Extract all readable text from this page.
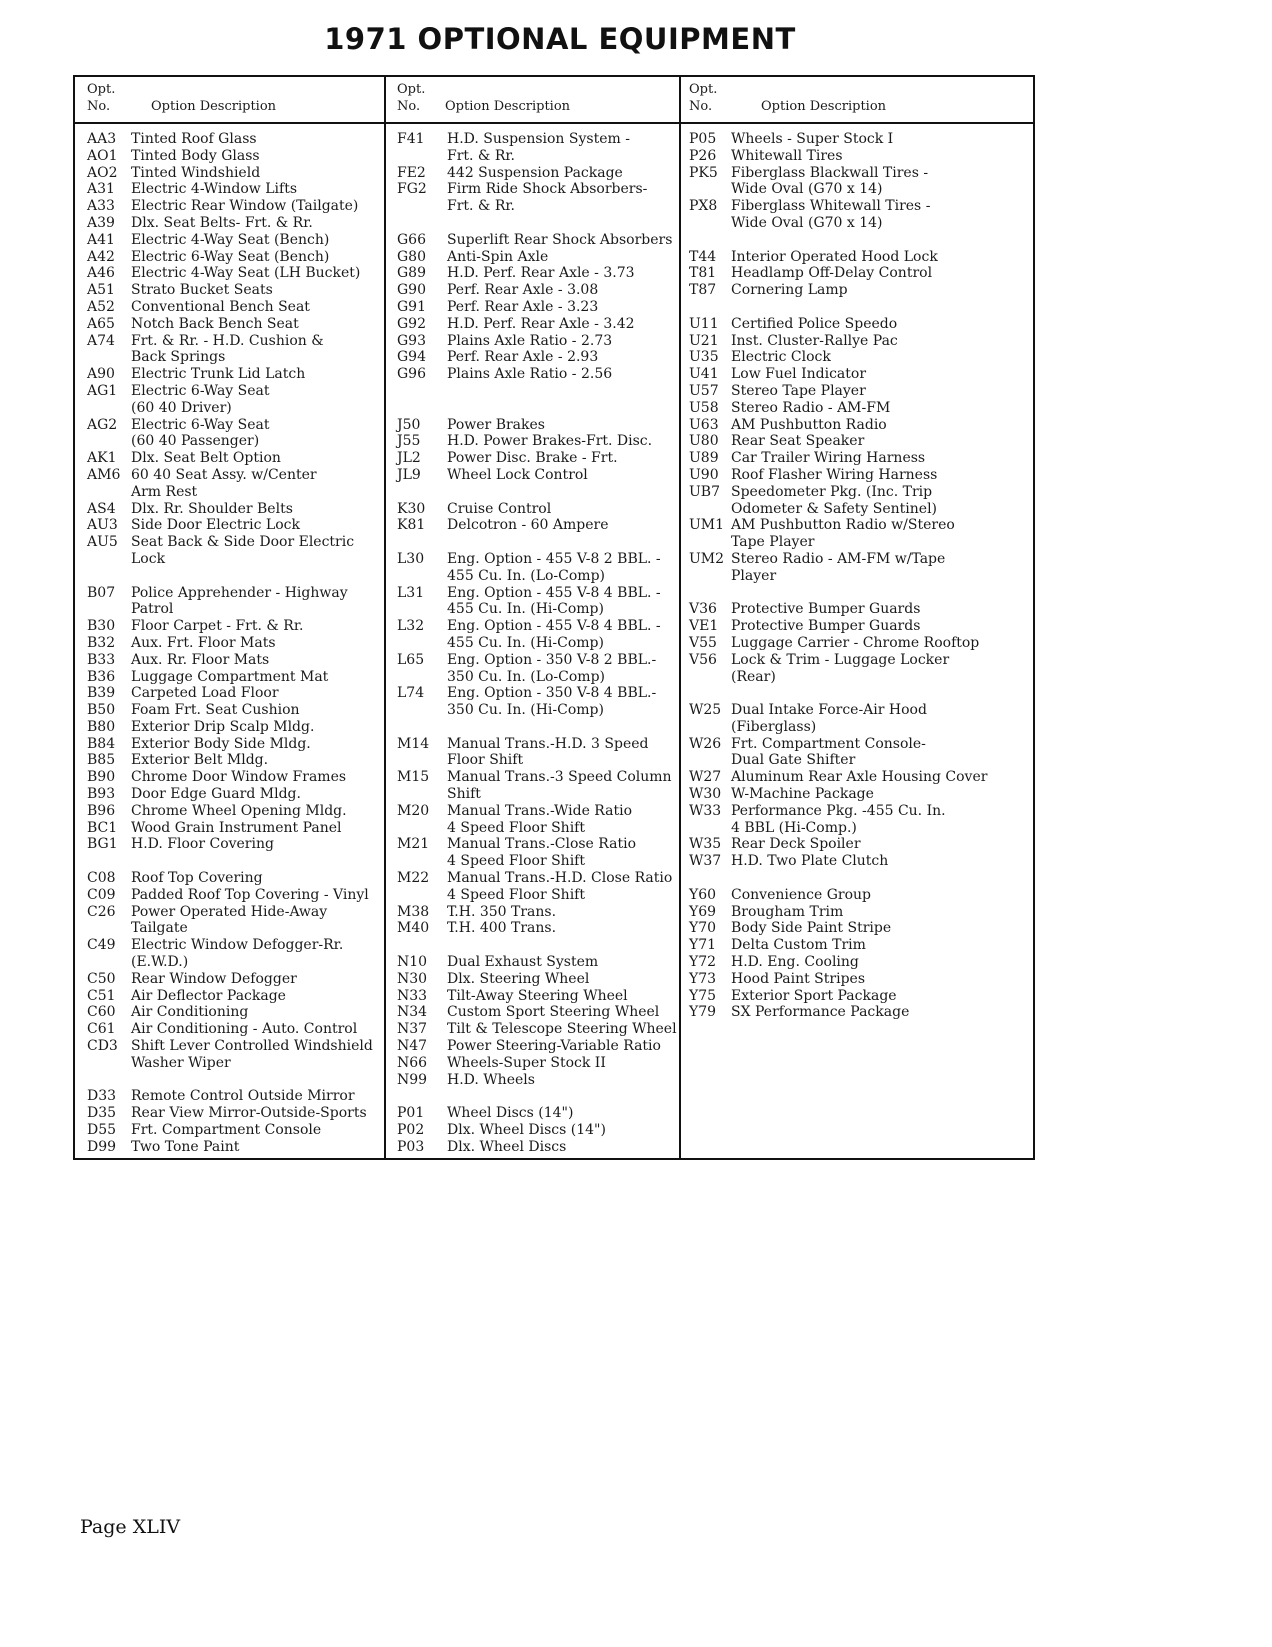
1971 OPTIONAL EQUIPMENT
Opt.
No.	Option Description
AA3 Tinted Roof Glass
AO1 Tinted Body Glass
AO2 Tinted Windshield
A31 Electric 4-Window Lifts
A33 Electric Rear Window (Tailgate)
A39 Dlx. Seat Belts- Frt. & Rr.
A41 Electric 4-Way Seat (Bench)
A42 Electric 6-Way Seat (Bench)
A46 Electric 4-Way Seat (LH Bucket)
A51 Strato Bucket Seats
A52 Conventional Bench Seat
A65 Notch Back Bench Seat
A74 Frt. & Rr. - H.D. Cushion &
Back Springs
A90 Electric Trunk Lid Latch
AG1 Electric 6-Way Seat
(60 40 Driver)
AG2 Electric 6-Way Seat
(60 40 Passenger)
AK1 Dlx. Seat Belt Option
AM6 60 40 Seat Assy. w/Center
Arm Rest
AS4 Dlx. Rr. Shoulder Belts
AU3 Side Door Electric Lock
AU5 Seat Back & Side Door Electric
Lock
B07 Police Apprehender - Highway
Patrol
B30 Floor Carpet - Frt. & Rr.
B32 Aux. Frt. Floor Mats
B33 Aux. Rr. Floor Mats
B36 Luggage Compartment Mat
B39 Carpeted Load Floor
B50 Foam Frt. Seat Cushion
B80 Exterior Drip Scalp Mldg.
B84 Exterior Body Side Mldg.
B85 Exterior Belt Mldg.
B90 Chrome Door Window Frames
B93 Door Edge Guard Mldg.
B96 Chrome Wheel Opening Mldg.
BC1 Wood Grain Instrument Panel
BG1 H.D. Floor Covering
C08 Roof Top Covering
C09 Padded Roof Top Covering - Vinyl
C26 Power Operated Hide-Away
Tailgate
C49 Electric Window Defogger-Rr.
(E.W.D.)
C50 Rear Window Defogger
C51 Air Deflector Package
C60 Air Conditioning
C61 Air Conditioning - Auto. Control
CD3 Shift Lever Controlled Windshield
Washer Wiper
D33 Remote Control Outside Mirror
D35 Rear View Mirror-Outside-Sports
D55 Frt. Compartment Console
D99 Two Tone Paint
Opt.
No.	Option Description
F41 H.D. Suspension System -
Frt. & Rr.
FE2 442 Suspension Package
FG2 Firm Ride Shock Absorbers-
Frt. & Rr.
G66 Superlift Rear Shock Absorbers
G80 Anti-Spin Axle
G89 H.D. Perf. Rear Axle - 3.73
G90 Perf. Rear Axle - 3.08
G91 Perf. Rear Axle - 3.23
G92 H.D. Perf. Rear Axle - 3.42
G93 Plains Axle Ratio - 2.73
G94 Perf. Rear Axle - 2.93
G96 Plains Axle Ratio - 2.56
J50 Power Brakes
J55 H.D. Power Brakes-Frt. Disc.
JL2 Power Disc. Brake - Frt.
JL9 Wheel Lock Control
K30 Cruise Control
K81 Delcotron - 60 Ampere
L30 Eng. Option - 455 V-8 2 BBL. -
455 Cu. In. (Lo-Comp)
L31 Eng. Option - 455 V-8 4 BBL. -
455 Cu. In. (Hi-Comp)
L32 Eng. Option - 455 V-8 4 BBL. -
455 Cu. In. (Hi-Comp)
L65 Eng. Option - 350 V-8 2 BBL.-
350 Cu. In. (Lo-Comp)
L74 Eng. Option - 350 V-8 4 BBL.-
350 Cu. In. (Hi-Comp)
M14 Manual Trans.-H.D. 3 Speed
Floor Shift
M15 Manual Trans.-3 Speed Column
Shift
M20 Manual Trans.-Wide Ratio
4 Speed Floor Shift
M21 Manual Trans.-Close Ratio
4 Speed Floor Shift
M22 Manual Trans.-H.D. Close Ratio
4 Speed Floor Shift
M38 T.H. 350 Trans.
M40 T.H. 400 Trans.
N10 Dual Exhaust System
N30 Dlx. Steering Wheel
N33 Tilt-Away Steering Wheel
N34 Custom Sport Steering Wheel
N37 Tilt & Telescope Steering Wheel
N47 Power Steering-Variable Ratio
N66 Wheels-Super Stock II
N99 H.D. Wheels
P01 Wheel Discs (14")
P02 Dlx. Wheel Discs (14")
P03 Dlx. Wheel Discs
Opt.
No.	Option Description
P05 Wheels - Super Stock I
P26 Whitewall Tires
PK5 Fiberglass Blackwall Tires -
Wide Oval (G70 x 14)
PX8 Fiberglass Whitewall Tires -
Wide Oval (G70 x 14)
T44 Interior Operated Hood Lock
T81 Headlamp Off-Delay Control
T87 Cornering Lamp
U11 Certified Police Speedo
U21 Inst. Cluster-Rallye Pac
U35 Electric Clock
U41 Low Fuel Indicator
U57 Stereo Tape Player
U58 Stereo Radio - AM-FM
U63 AM Pushbutton Radio
U80 Rear Seat Speaker
U89 Car Trailer Wiring Harness
U90 Roof Flasher Wiring Harness
UB7 Speedometer Pkg. (Inc. Trip
Odometer & Safety Sentinel)
UM1 AM Pushbutton Radio w/Stereo
Tape Player
UM2 Stereo Radio - AM-FM w/Tape
Player
V36 Protective Bumper Guards
VE1 Protective Bumper Guards
V55 Luggage Carrier - Chrome Rooftop
V56 Lock & Trim - Luggage Locker
(Rear)
W25 Dual Intake Force-Air Hood
(Fiberglass)
W26 Frt. Compartment Console-
Dual Gate Shifter
W27 Aluminum Rear Axle Housing Cover
W30 W-Machine Package
W33 Performance Pkg. -455 Cu. In.
4 BBL (Hi-Comp.)
W35 Rear Deck Spoiler
W37 H.D. Two Plate Clutch
Y60 Convenience Group
Y69 Brougham Trim
Y70 Body Side Paint Stripe
Y71 Delta Custom Trim
Y72 H.D. Eng. Cooling
Y73 Hood Paint Stripes
Y75 Exterior Sport Package
Y79 SX Performance Package
Page XLIV
